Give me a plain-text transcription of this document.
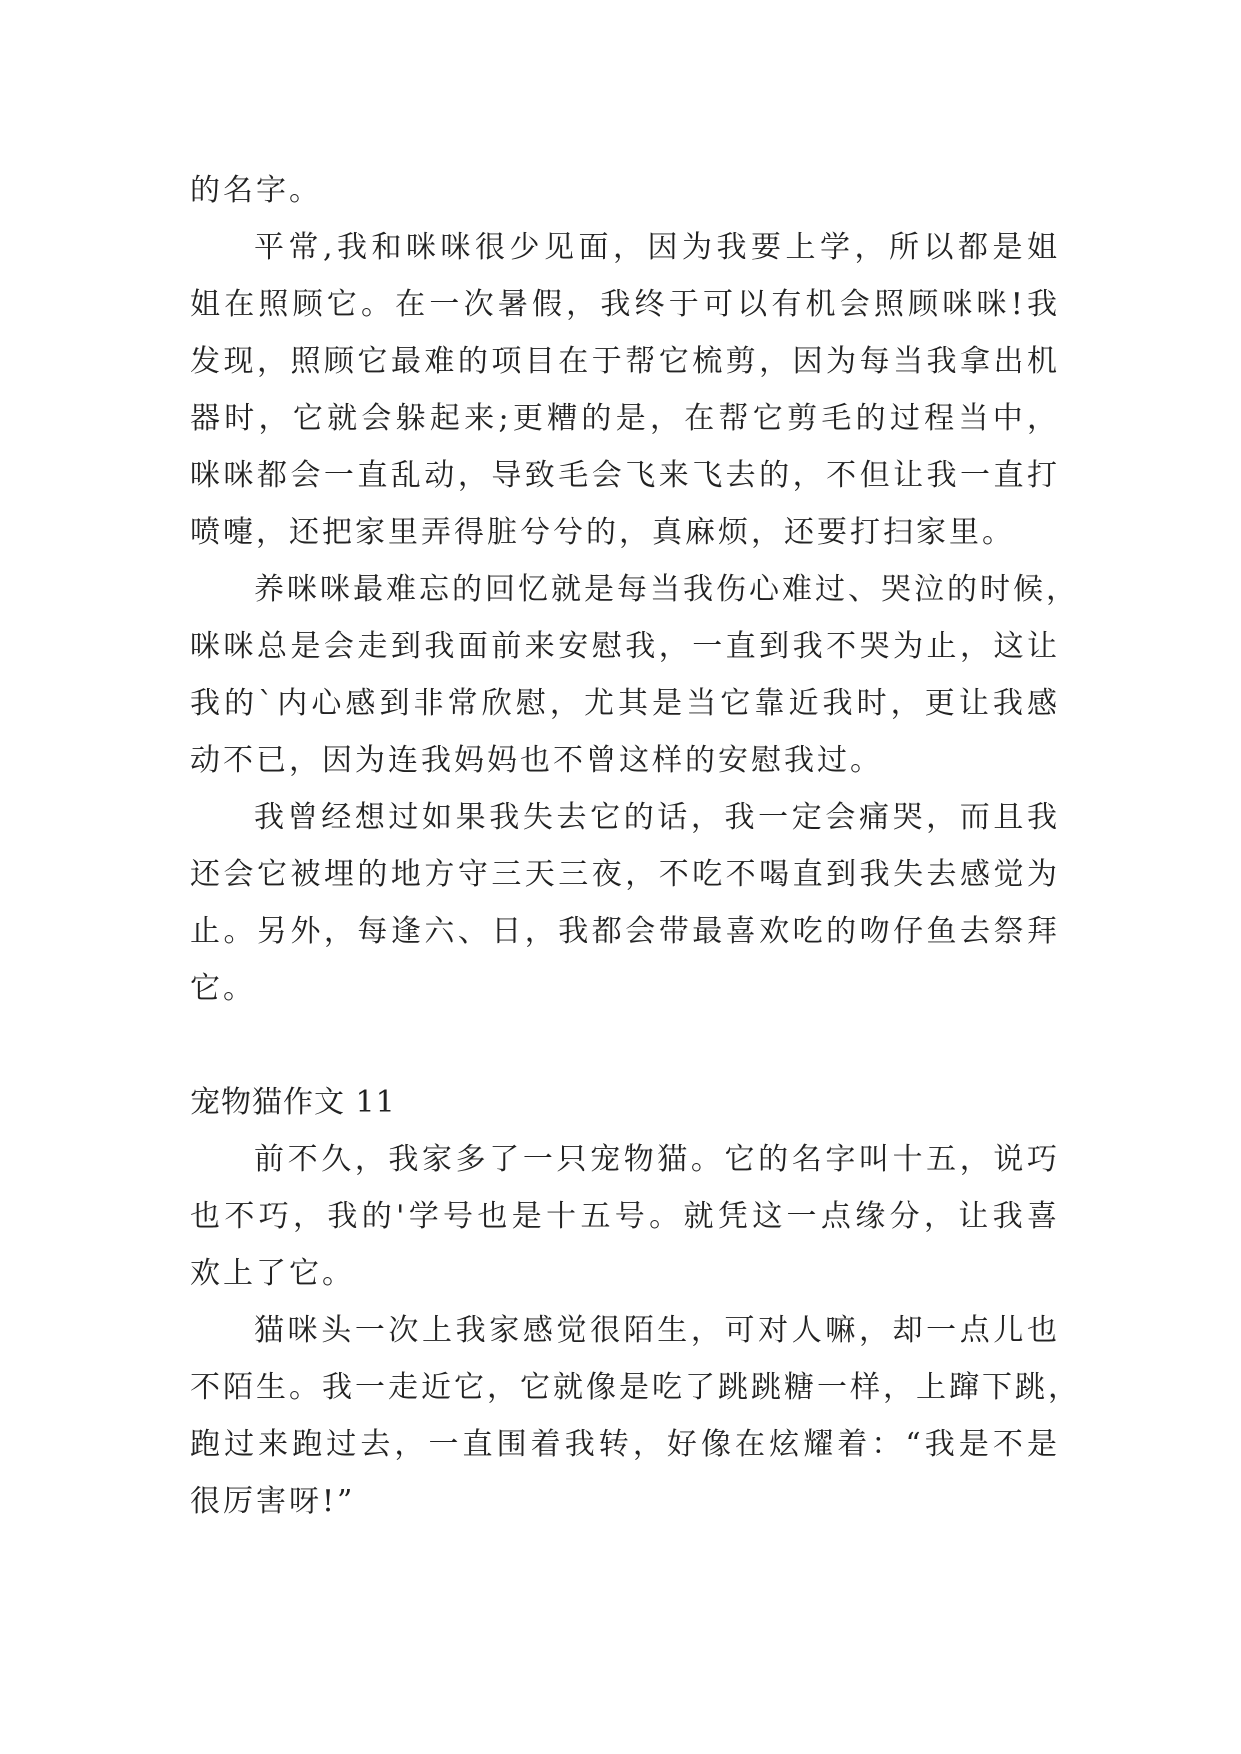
的名字。
平常,我和咪咪很少见面，因为我要上学，所以都是姐
姐在照顾它。在一次暑假，我终于可以有机会照顾咪咪!我
发现，照顾它最难的项目在于帮它梳剪，因为每当我拿出机
器时，它就会躲起来;更糟的是，在帮它剪毛的过程当中，
咪咪都会一直乱动，导致毛会飞来飞去的，不但让我一直打
喷嚏，还把家里弄得脏兮兮的，真麻烦，还要打扫家里。
养咪咪最难忘的回忆就是每当我伤心难过、哭泣的时候，
咪咪总是会走到我面前来安慰我，一直到我不哭为止，这让
我的`内心感到非常欣慰，尤其是当它靠近我时，更让我感
动不已，因为连我妈妈也不曾这样的安慰我过。
我曾经想过如果我失去它的话，我一定会痛哭，而且我
还会它被埋的地方守三天三夜，不吃不喝直到我失去感觉为
止。另外，每逢六、日，我都会带最喜欢吃的吻仔鱼去祭拜
它。
宠物猫作文 11
前不久，我家多了一只宠物猫。它的名字叫十五，说巧
也不巧，我的'学号也是十五号。就凭这一点缘分，让我喜
欢上了它。
猫咪头一次上我家感觉很陌生，可对人嘛，却一点儿也
不陌生。我一走近它，它就像是吃了跳跳糖一样，上蹿下跳，
跑过来跑过去，一直围着我转，好像在炫耀着：“我是不是
很厉害呀!”
